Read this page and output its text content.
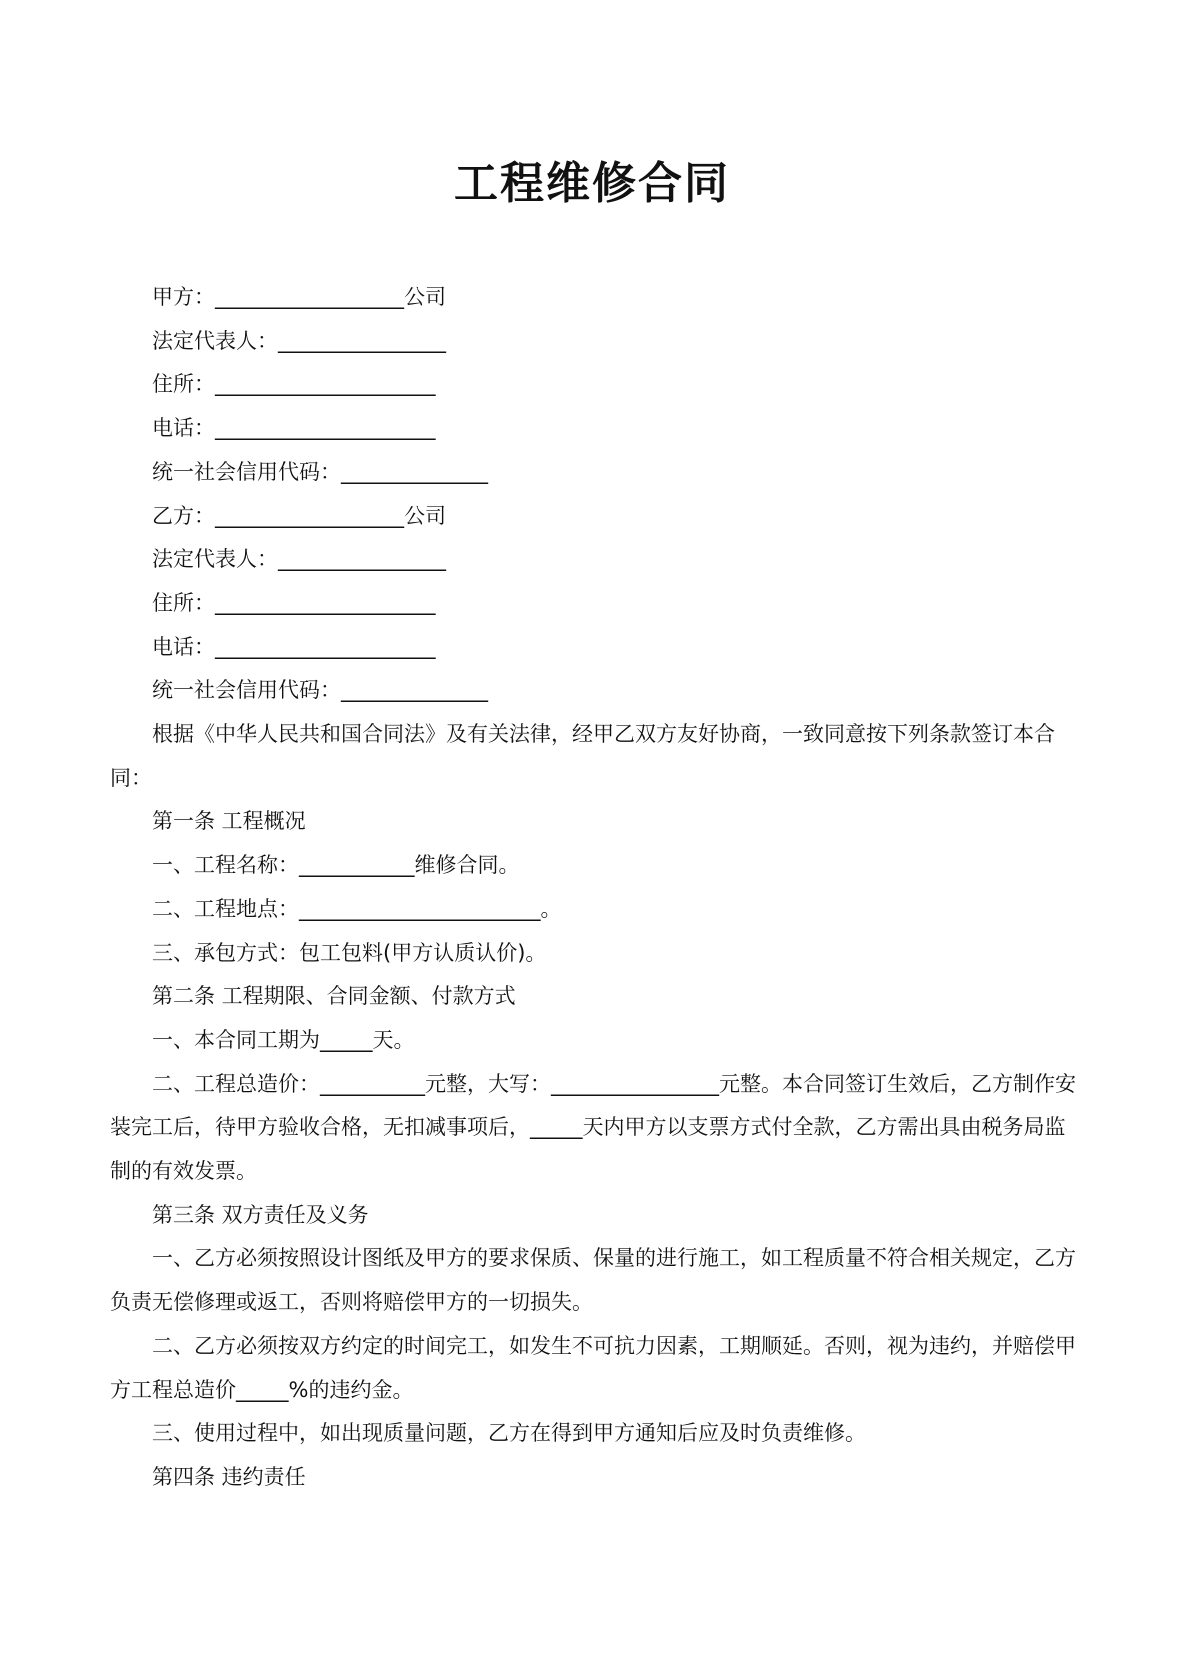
工程维修合同

甲方：__________________公司

法定代表人：________________

住所：_____________________

电话：_____________________

统一社会信用代码：______________

乙方：__________________公司

法定代表人：________________

住所：_____________________

电话：_____________________

统一社会信用代码：______________

根据《中华人民共和国合同法》及有关法律，经甲乙双方友好协商，一致同意按下列条款签订本合同：

第一条 工程概况

一、工程名称：___________维修合同。

二、工程地点：_______________________。

三、承包方式：包工包料(甲方认质认价)。

第二条 工程期限、合同金额、付款方式

一、本合同工期为_____天。

二、工程总造价：__________元整，大写：________________元整。本合同签订生效后，乙方制作安装完工后，待甲方验收合格，无扣减事项后，_____天内甲方以支票方式付全款，乙方需出具由税务局监制的有效发票。

第三条 双方责任及义务

一、乙方必须按照设计图纸及甲方的要求保质、保量的进行施工，如工程质量不符合相关规定，乙方负责无偿修理或返工，否则将赔偿甲方的一切损失。

二、乙方必须按双方约定的时间完工，如发生不可抗力因素，工期顺延。否则，视为违约，并赔偿甲方工程总造价_____%的违约金。

三、使用过程中，如出现质量问题，乙方在得到甲方通知后应及时负责维修。

第四条 违约责任
